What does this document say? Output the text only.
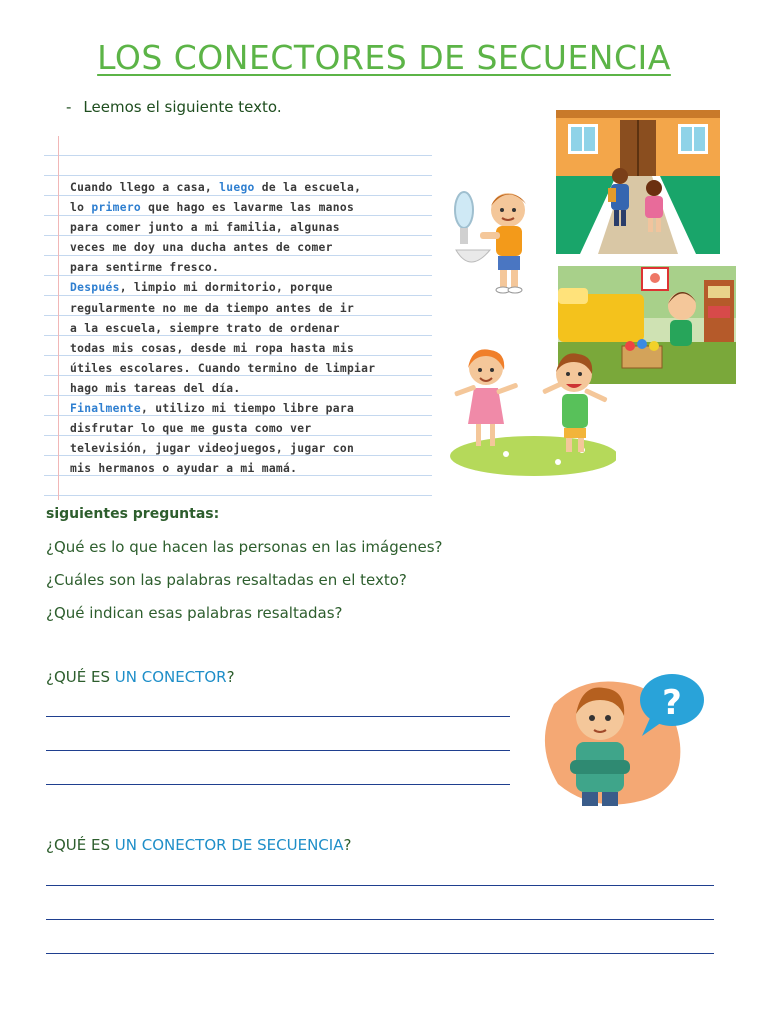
LOS CONECTORES DE SECUENCIA
- Leemos el siguiente texto.
Cuando llego a casa, luego de la escuela,
lo primero que hago es lavarme las manos
para comer junto a mi familia, algunas
veces me doy una ducha antes de comer
para sentirme fresco.
Después, limpio mi dormitorio, porque
regularmente no me da tiempo antes de ir
a la escuela, siempre trato de ordenar
todas mis cosas, desde mi ropa hasta mis
útiles escolares. Cuando termino de limpiar
hago mis tareas del día.
Finalmente, utilizo mi tiempo libre para
disfrutar lo que me gusta como ver
televisión, jugar videojuegos, jugar con
mis hermanos o ayudar a mi mamá.
siguientes preguntas:
¿Qué es lo que hacen las personas en las imágenes?
¿Cuáles son las palabras resaltadas en el texto?
¿Qué indican esas palabras resaltadas?
¿QUÉ ES UN CONECTOR?
?
¿QUÉ ES UN CONECTOR DE SECUENCIA?
